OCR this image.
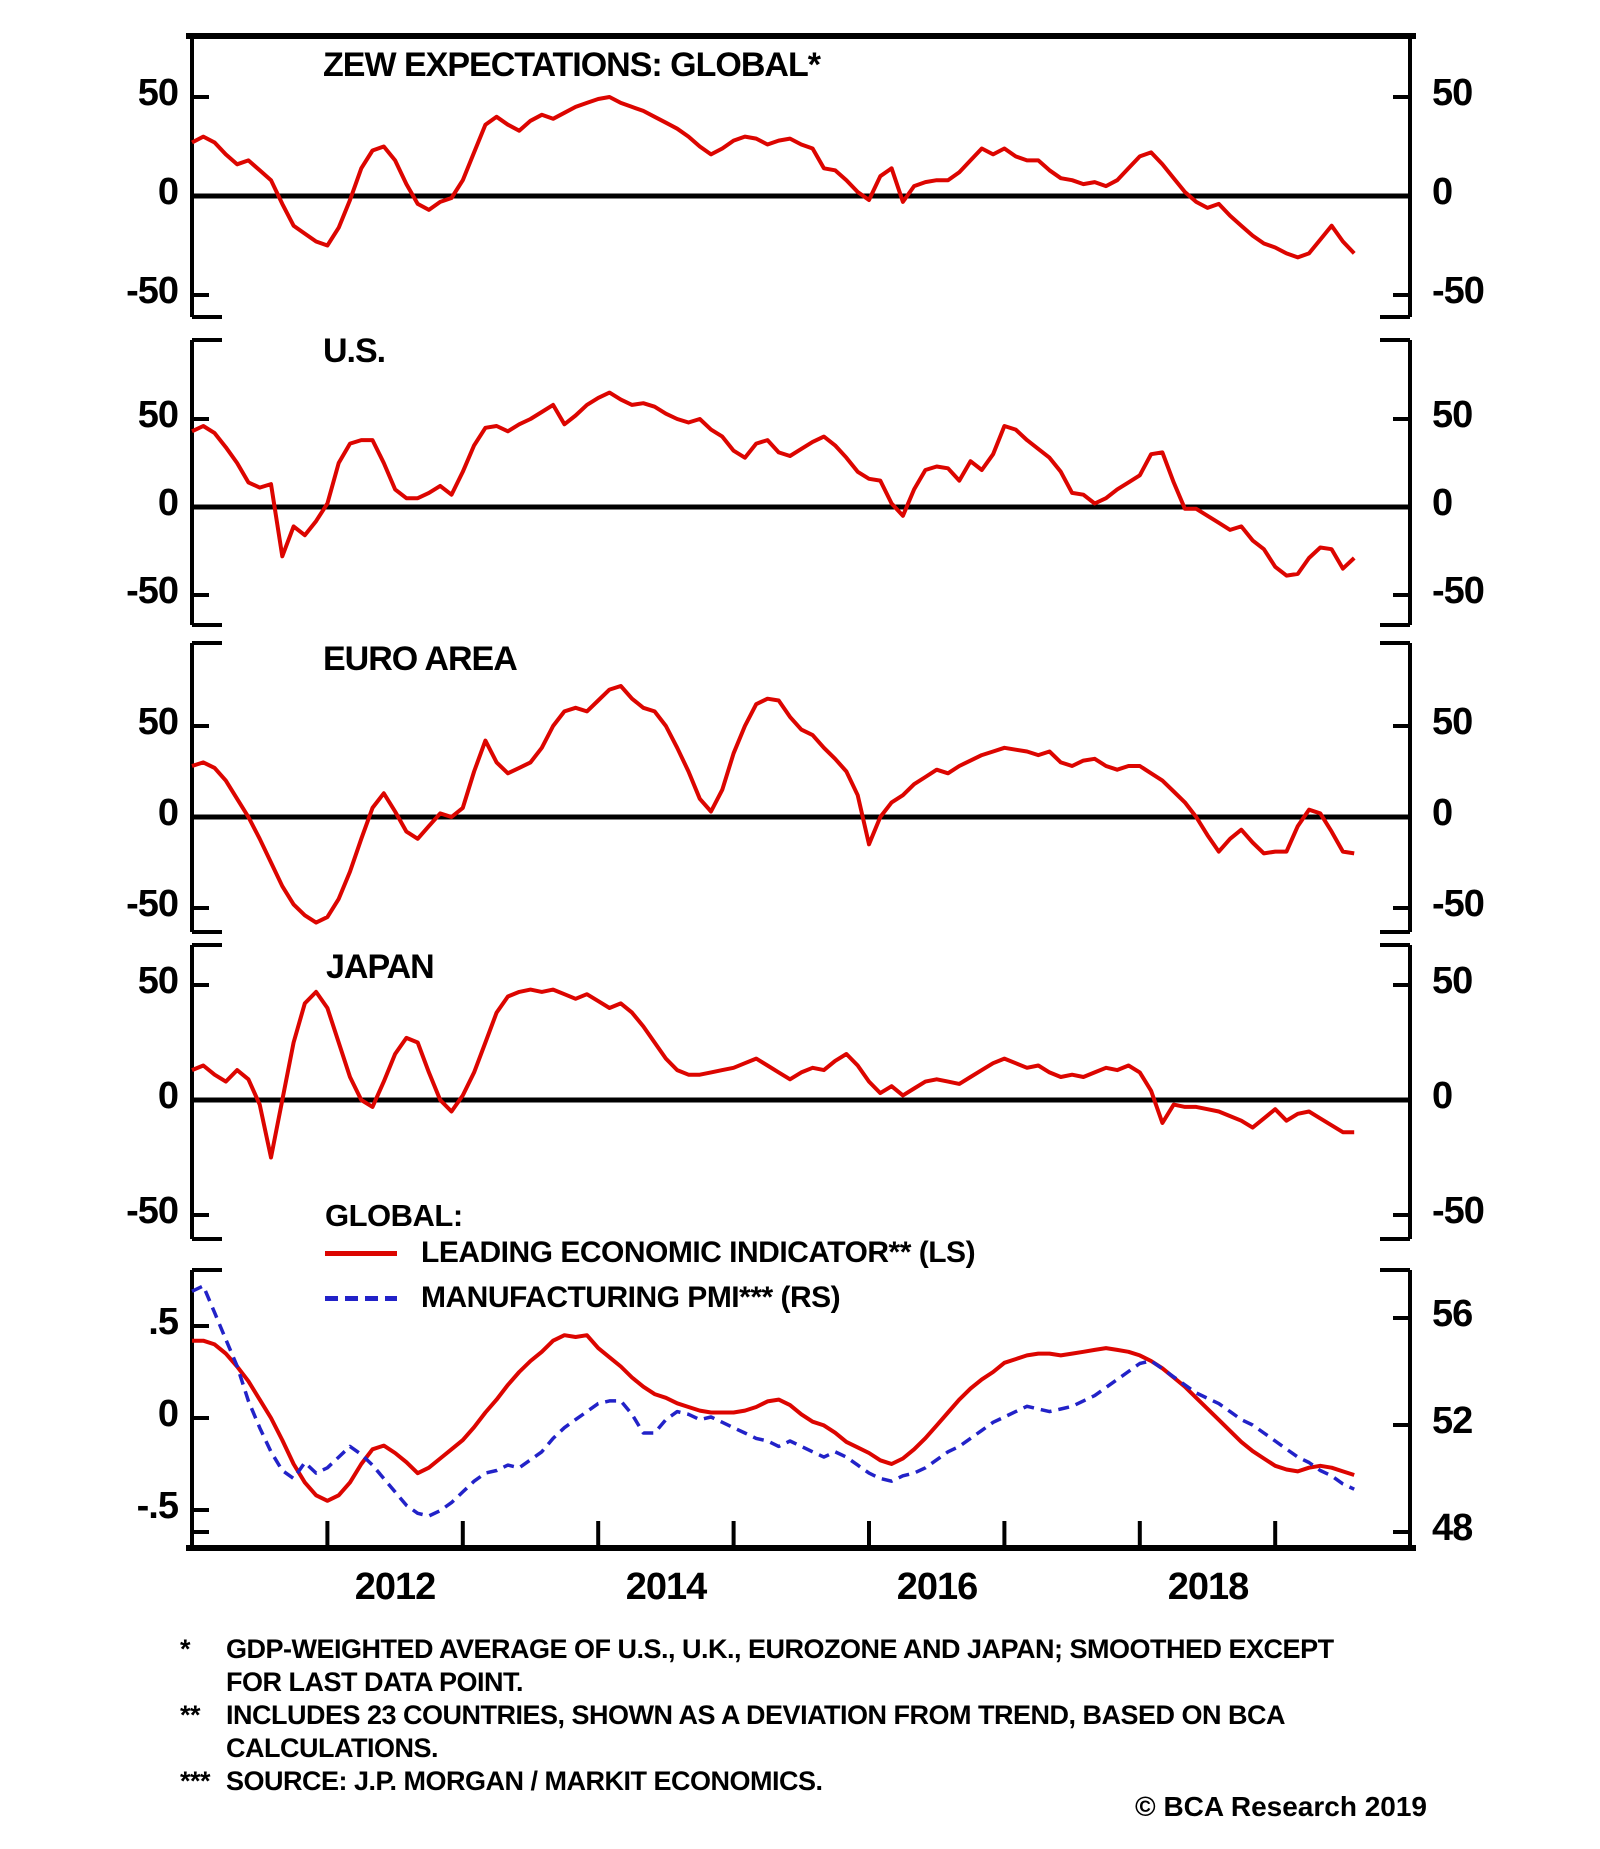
50	50
0	0
-50	-50
50	50
0	0
-50	-50
50	50
0	0
-50	-50
50	50
0	0
-50	-50
.5
0
-.5
56
52
48
ZEW EXPECTATIONS: GLOBAL*
U.S.
EURO AREA
JAPAN
GLOBAL:
LEADING ECONOMIC INDICATOR** (LS)
MANUFACTURING PMI*** (RS)
2012	2014	2016	2018
* GDP-WEIGHTED AVERAGE OF U.S., U.K., EUROZONE AND JAPAN; SMOOTHED EXCEPT
FOR LAST DATA POINT.
** INCLUDES 23 COUNTRIES, SHOWN AS A DEVIATION FROM TREND, BASED ON BCA
CALCULATIONS.
*** SOURCE: J.P. MORGAN / MARKIT ECONOMICS.
© BCA Research 2019
